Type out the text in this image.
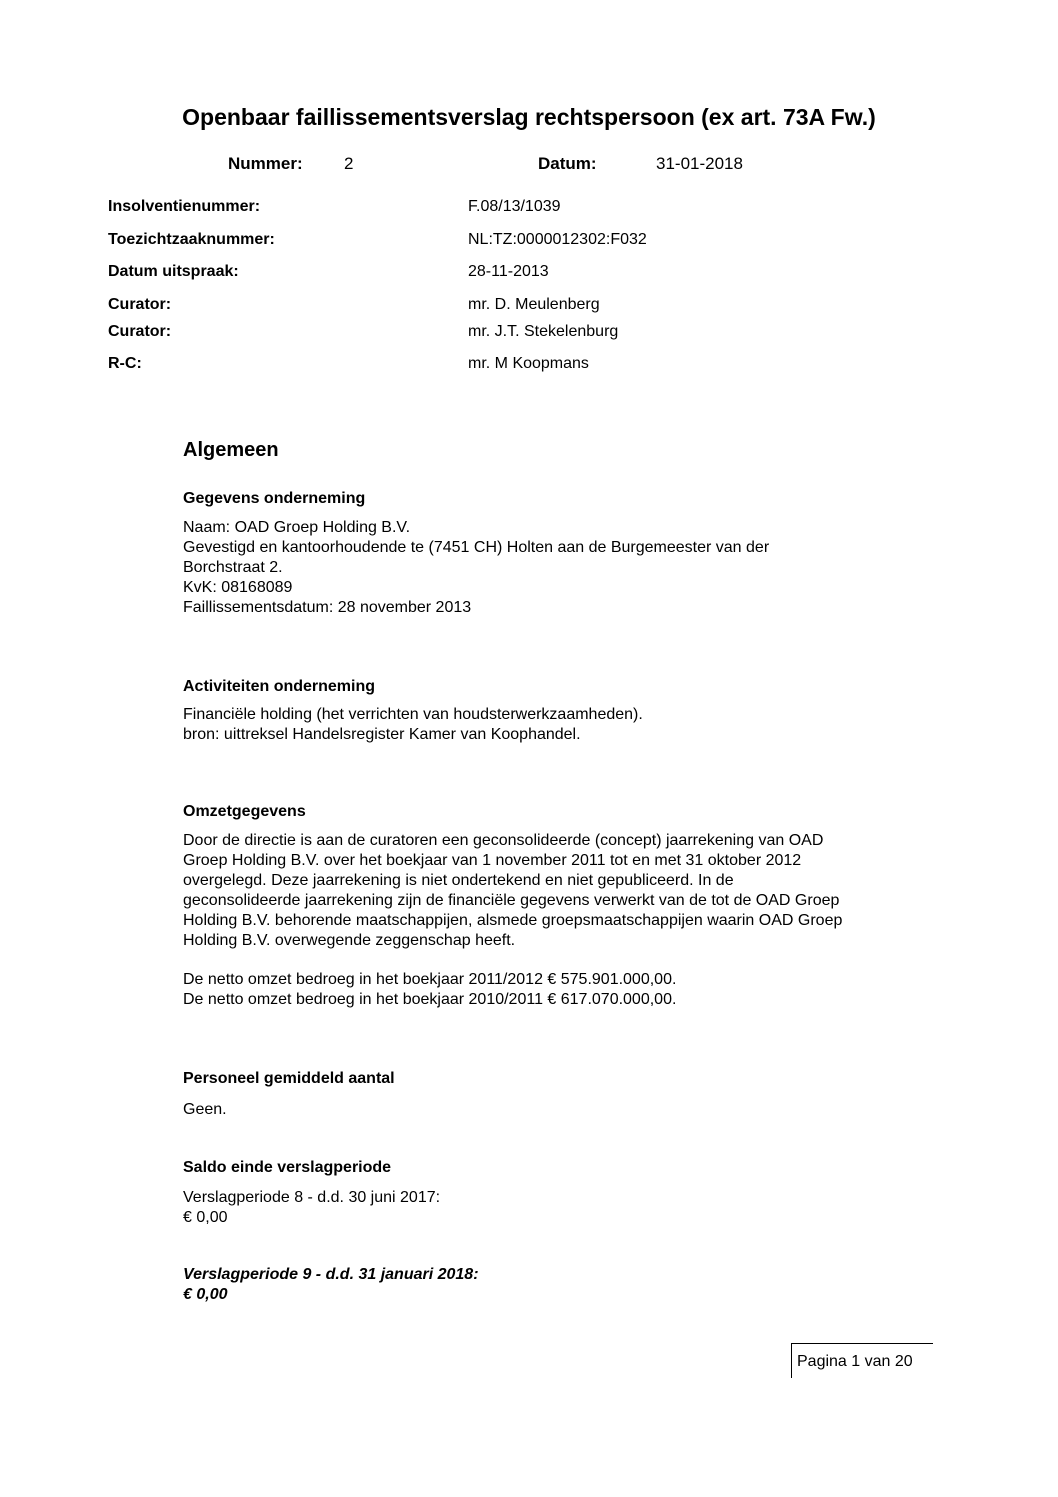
Openbaar faillissementsverslag rechtspersoon (ex art. 73A Fw.)
Nummer: 2	Datum:	31-01-2018
Insolventienummer:	F.08/13/1039
Toezichtzaaknummer:	NL:TZ:0000012302:F032
Datum uitspraak:	28-11-2013
Curator:	mr. D. Meulenberg
Curator:	mr. J.T. Stekelenburg
R-C:	mr. M Koopmans
Algemeen
Gegevens onderneming
Naam: OAD Groep Holding B.V.
Gevestigd en kantoorhoudende te (7451 CH) Holten aan de Burgemeester van der
Borchstraat 2.
KvK: 08168089
Faillissementsdatum: 28 november 2013
Activiteiten onderneming
Financiële holding (het verrichten van houdsterwerkzaamheden).
bron: uittreksel Handelsregister Kamer van Koophandel.
Omzetgegevens
Door de directie is aan de curatoren een geconsolideerde (concept) jaarrekening van OAD
Groep Holding B.V. over het boekjaar van 1 november 2011 tot en met 31 oktober 2012
overgelegd. Deze jaarrekening is niet ondertekend en niet gepubliceerd. In de
geconsolideerde jaarrekening zijn de financiële gegevens verwerkt van de tot de OAD Groep
Holding B.V. behorende maatschappijen, alsmede groepsmaatschappijen waarin OAD Groep
Holding B.V. overwegende zeggenschap heeft.
De netto omzet bedroeg in het boekjaar 2011/2012 € 575.901.000,00.
De netto omzet bedroeg in het boekjaar 2010/2011 € 617.070.000,00.
Personeel gemiddeld aantal
Geen.
Saldo einde verslagperiode
Verslagperiode 8 - d.d. 30 juni 2017:
€ 0,00
Verslagperiode 9 - d.d. 31 januari 2018:
€ 0,00
Pagina 1 van 20
